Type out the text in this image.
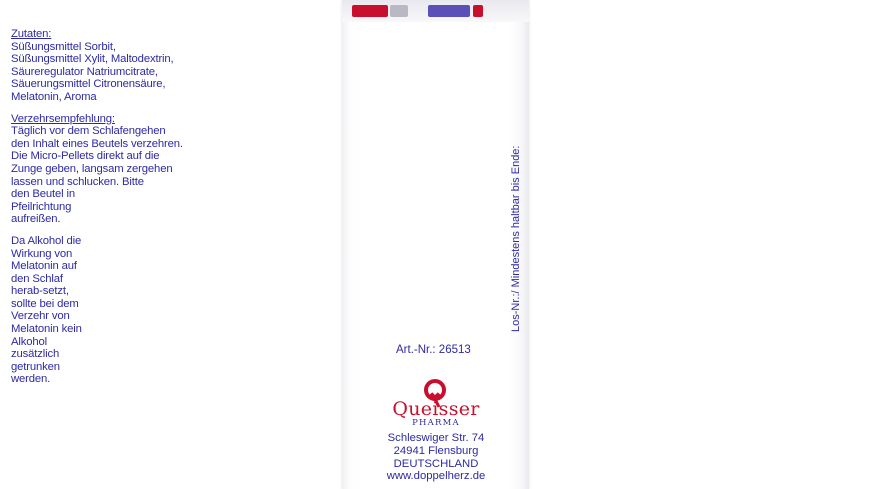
Zutaten:
Süßungsmittel Sorbit, Süßungsmittel Xylit, Maltodextrin, Säureregulator Natriumcitrate, Säuerungsmittel Citronensäure, Melatonin, Aroma
Verzehrsempfehlung:
Täglich vor dem Schlafengehen den Inhalt eines Beutels verzehren. Die Micro-Pellets direkt auf die Zunge geben, langsam zergehen lassen und schlucken. Bitte
den Beutel in Pfeilrichtung aufreißen.
Da Alkohol die Wirkung von Melatonin auf den Schlaf herab-setzt, sollte bei dem Verzehr von Melatonin kein Alkohol zusätzlich getrunken werden.
Los-Nr.:/ Mindestens haltbar bis Ende:
Art.-Nr.: 26513
Queisser
PHARMA
Schleswiger Str. 74
24941 Flensburg
DEUTSCHLAND
www.doppelherz.de
